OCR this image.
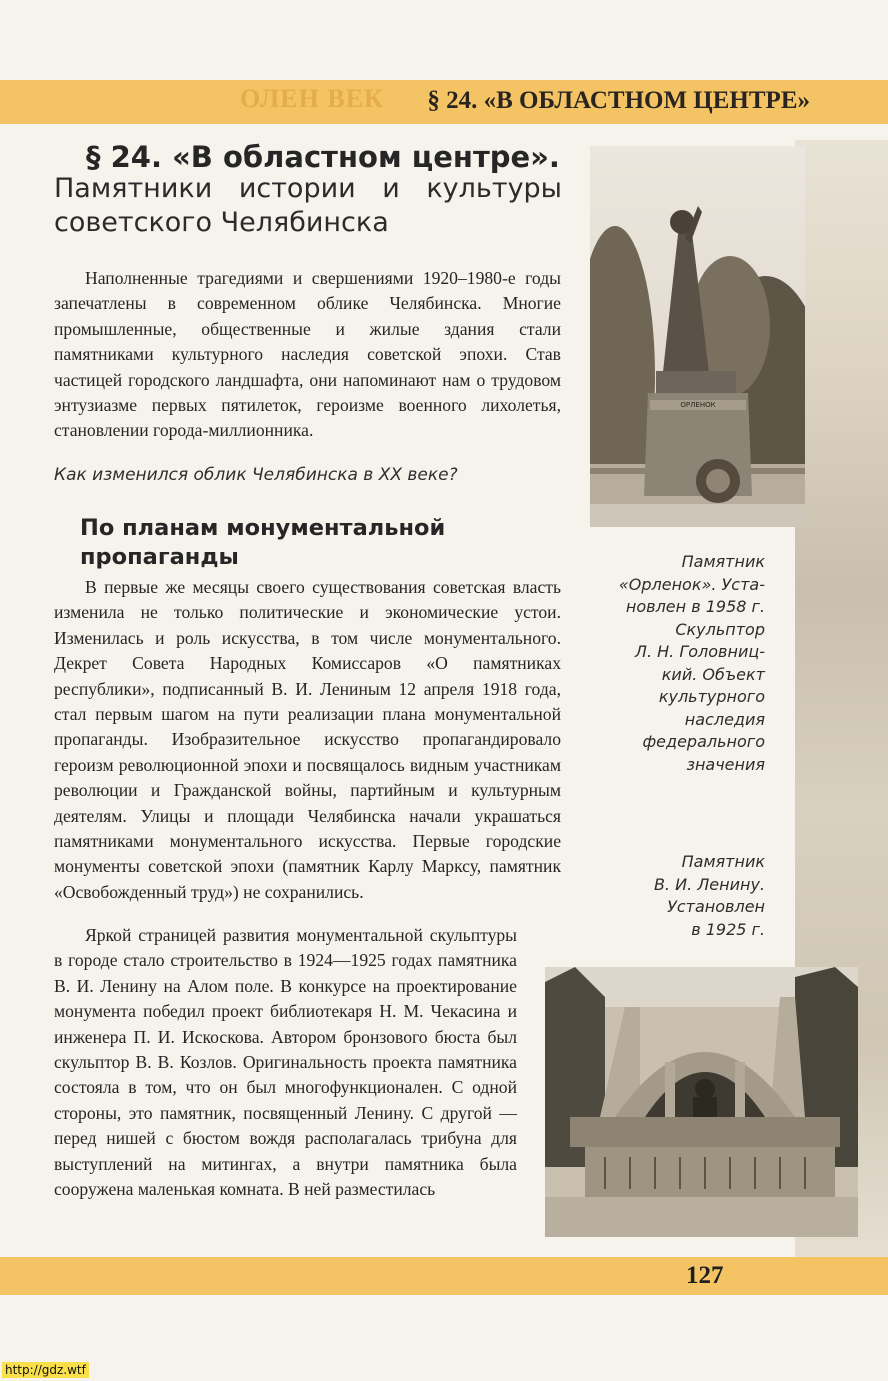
ОЛЕН ВЕК § 24. «В ОБЛАСТНОМ ЦЕНТРЕ»
§ 24. «В областном центре».
Памятники истории и культуры
советского Челябинска
Наполненные трагедиями и свершениями 1920–1980-е годы запечатлены в современном облике Челябинска. Многие промышленные, общественные и жилые здания стали памятниками культурного наследия советской эпохи. Став частицей городского ландшафта, они напоминают нам о трудовом энтузиазме первых пятилеток, героизме военного лихолетья, становлении города-миллионника.
Как изменился облик Челябинска в XX веке?
По планам монументальной пропаганды
В первые же месяцы своего существования советская власть изменила не только политические и экономические устои. Изменилась и роль искусства, в том числе монументального. Декрет Совета Народных Комиссаров «О памятниках республики», подписанный В. И. Лениным 12 апреля 1918 года, стал первым шагом на пути реализации плана монументальной пропаганды. Изобразительное искусство пропагандировало героизм революционной эпохи и посвящалось видным участникам революции и Гражданской войны, партийным и культурным деятелям. Улицы и площади Челябинска начали украшаться памятниками монументального искусства. Первые городские монументы советской эпохи (памятник Карлу Марксу, памятник «Освобожденный труд») не сохранились.
Яркой страницей развития монументальной скульптуры в городе стало строительство в 1924—1925 годах памятника В. И. Ленину на Алом поле. В конкурсе на проектирование монумента победил проект библиотекаря Н. М. Чекасина и инженера П. И. Искоскова. Автором бронзового бюста был скульптор В. В. Козлов. Оригинальность проекта памятника состояла в том, что он был многофункционален. С одной стороны, это памятник, посвященный Ленину. С другой — перед нишей с бюстом вождя располагалась трибуна для выступлений на митингах, а внутри памятника была сооружена маленькая комната. В ней разместилась
ОРЛЕНОК
Памятник
«Орленок». Уста-
новлен в 1958 г.
Скульптор
Л. Н. Головниц-
кий. Объект
культурного
наследия
федерального
значения
Памятник
В. И. Ленину.
Установлен
в 1925 г.
127
http://gdz.wtf
